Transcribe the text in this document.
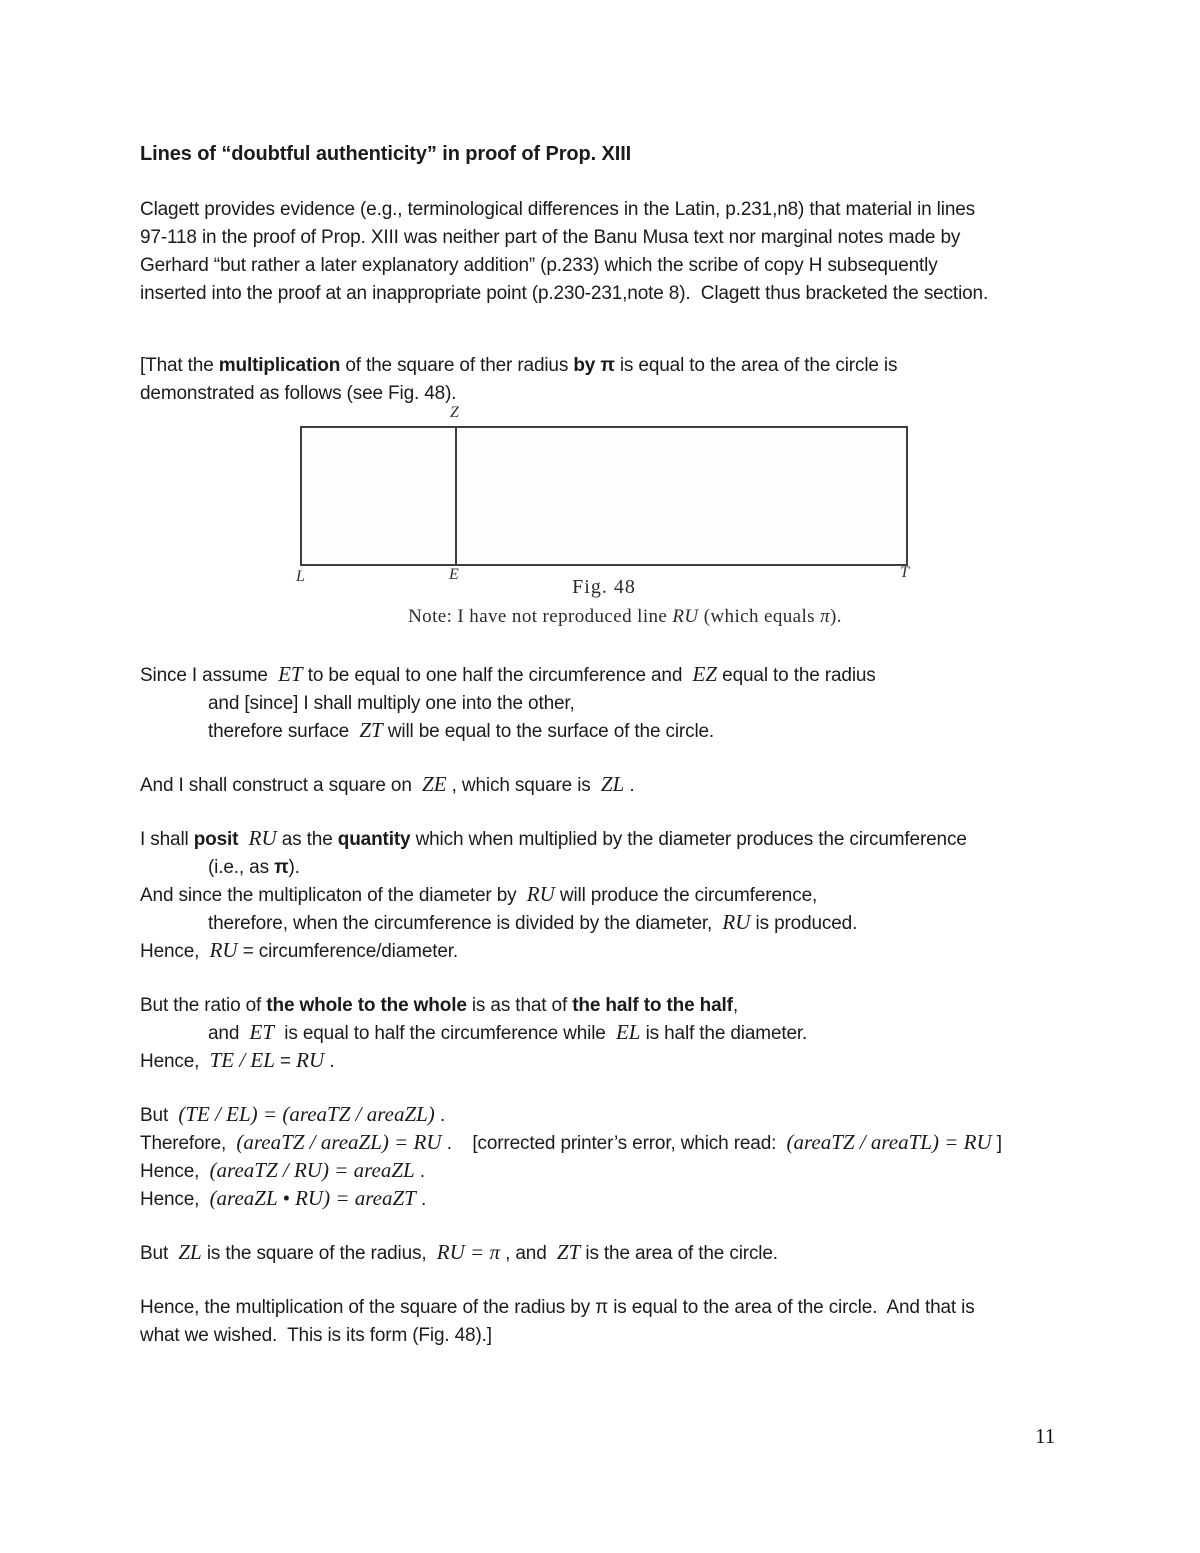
Lines of “doubtful authenticity” in proof of Prop. XIII
Clagett provides evidence (e.g., terminological differences in the Latin, p.231,n8) that material in lines
97-118 in the proof of Prop. XIII was neither part of the Banu Musa text nor marginal notes made by
Gerhard “but rather a later explanatory addition” (p.233) which the scribe of copy H subsequently
inserted into the proof at an inappropriate point (p.230-231,note 8).  Clagett thus bracketed the section.
[That the multiplication of the square of ther radius by π is equal to the area of the circle is
demonstrated as follows (see Fig. 48).
Z
L	E	T
Fig. 48
Note: I have not reproduced line RU (which equals π).
Since I assume  ET to be equal to one half the circumference and  EZ equal to the radius
and [since] I shall multiply one into the other,
therefore surface  ZT will be equal to the surface of the circle.
And I shall construct a square on  ZE , which square is  ZL .
I shall posit RU as the quantity which when multiplied by the diameter produces the circumference
(i.e., as π).
And since the multiplicaton of the diameter by  RU will produce the circumference,
therefore, when the circumference is divided by the diameter,  RU is produced.
Hence,  RU = circumference/diameter.
But the ratio of the whole to the whole is as that of the half to the half,
and  ET  is equal to half the circumference while  EL is half the diameter.
Hence,  TE / EL = RU .
But  (TE / EL) = (areaTZ / areaZL) .
Therefore,  (areaTZ / areaZL) = RU .    [corrected printer’s error, which read:  (areaTZ / areaTL) = RU ]
Hence,  (areaTZ / RU) = areaZL .
Hence,  (areaZL • RU) = areaZT .
But  ZL is the square of the radius,  RU = π , and  ZT is the area of the circle.
Hence, the multiplication of the square of the radius by π is equal to the area of the circle.  And that is
what we wished.  This is its form (Fig. 48).]
11
